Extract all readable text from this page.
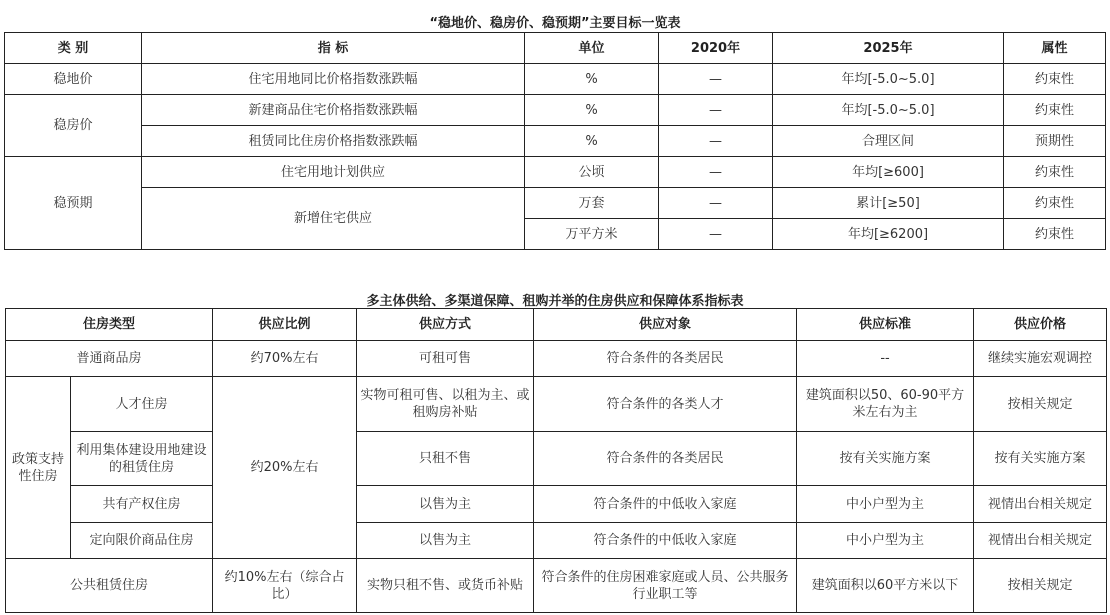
“稳地价、稳房价、稳预期”主要目标一览表
类 别	指 标	单位	2020年	2025年	属性
稳地价	住宅用地同比价格指数涨跌幅	%	—	年均[-5.0~5.0]	约束性
稳房价	新建商品住宅价格指数涨跌幅	%	—	年均[-5.0~5.0]	约束性
	租赁同比住房价格指数涨跌幅	%	—	合理区间	预期性
稳预期	住宅用地计划供应	公顷	—	年均[≥600]	约束性
	新增住宅供应	万套	—	累计[≥50]	约束性
		万平方米	—	年均[≥6200]	约束性
多主体供给、多渠道保障、租购并举的住房供应和保障体系指标表
住房类型		供应比例	供应方式	供应对象	供应标准	供应价格
普通商品房		约70%左右	可租可售	符合条件的各类居民	--	继续实施宏观调控
政策支持性住房	人才住房	约20%左右	实物可租可售、以租为主、或租购房补贴	符合条件的各类人才	建筑面积以50、60-90平方米左右为主	按相关规定
	利用集体建设用地建设的租赁住房		只租不售	符合条件的各类居民	按有关实施方案	按有关实施方案
	共有产权住房		以售为主	符合条件的中低收入家庭	中小户型为主	视情出台相关规定
	定向限价商品住房		以售为主	符合条件的中低收入家庭	中小户型为主	视情出台相关规定
公共租赁住房		约10%左右（综合占比）	实物只租不售、或货币补贴	符合条件的住房困难家庭或人员、公共服务行业职工等	建筑面积以60平方米以下	按相关规定
